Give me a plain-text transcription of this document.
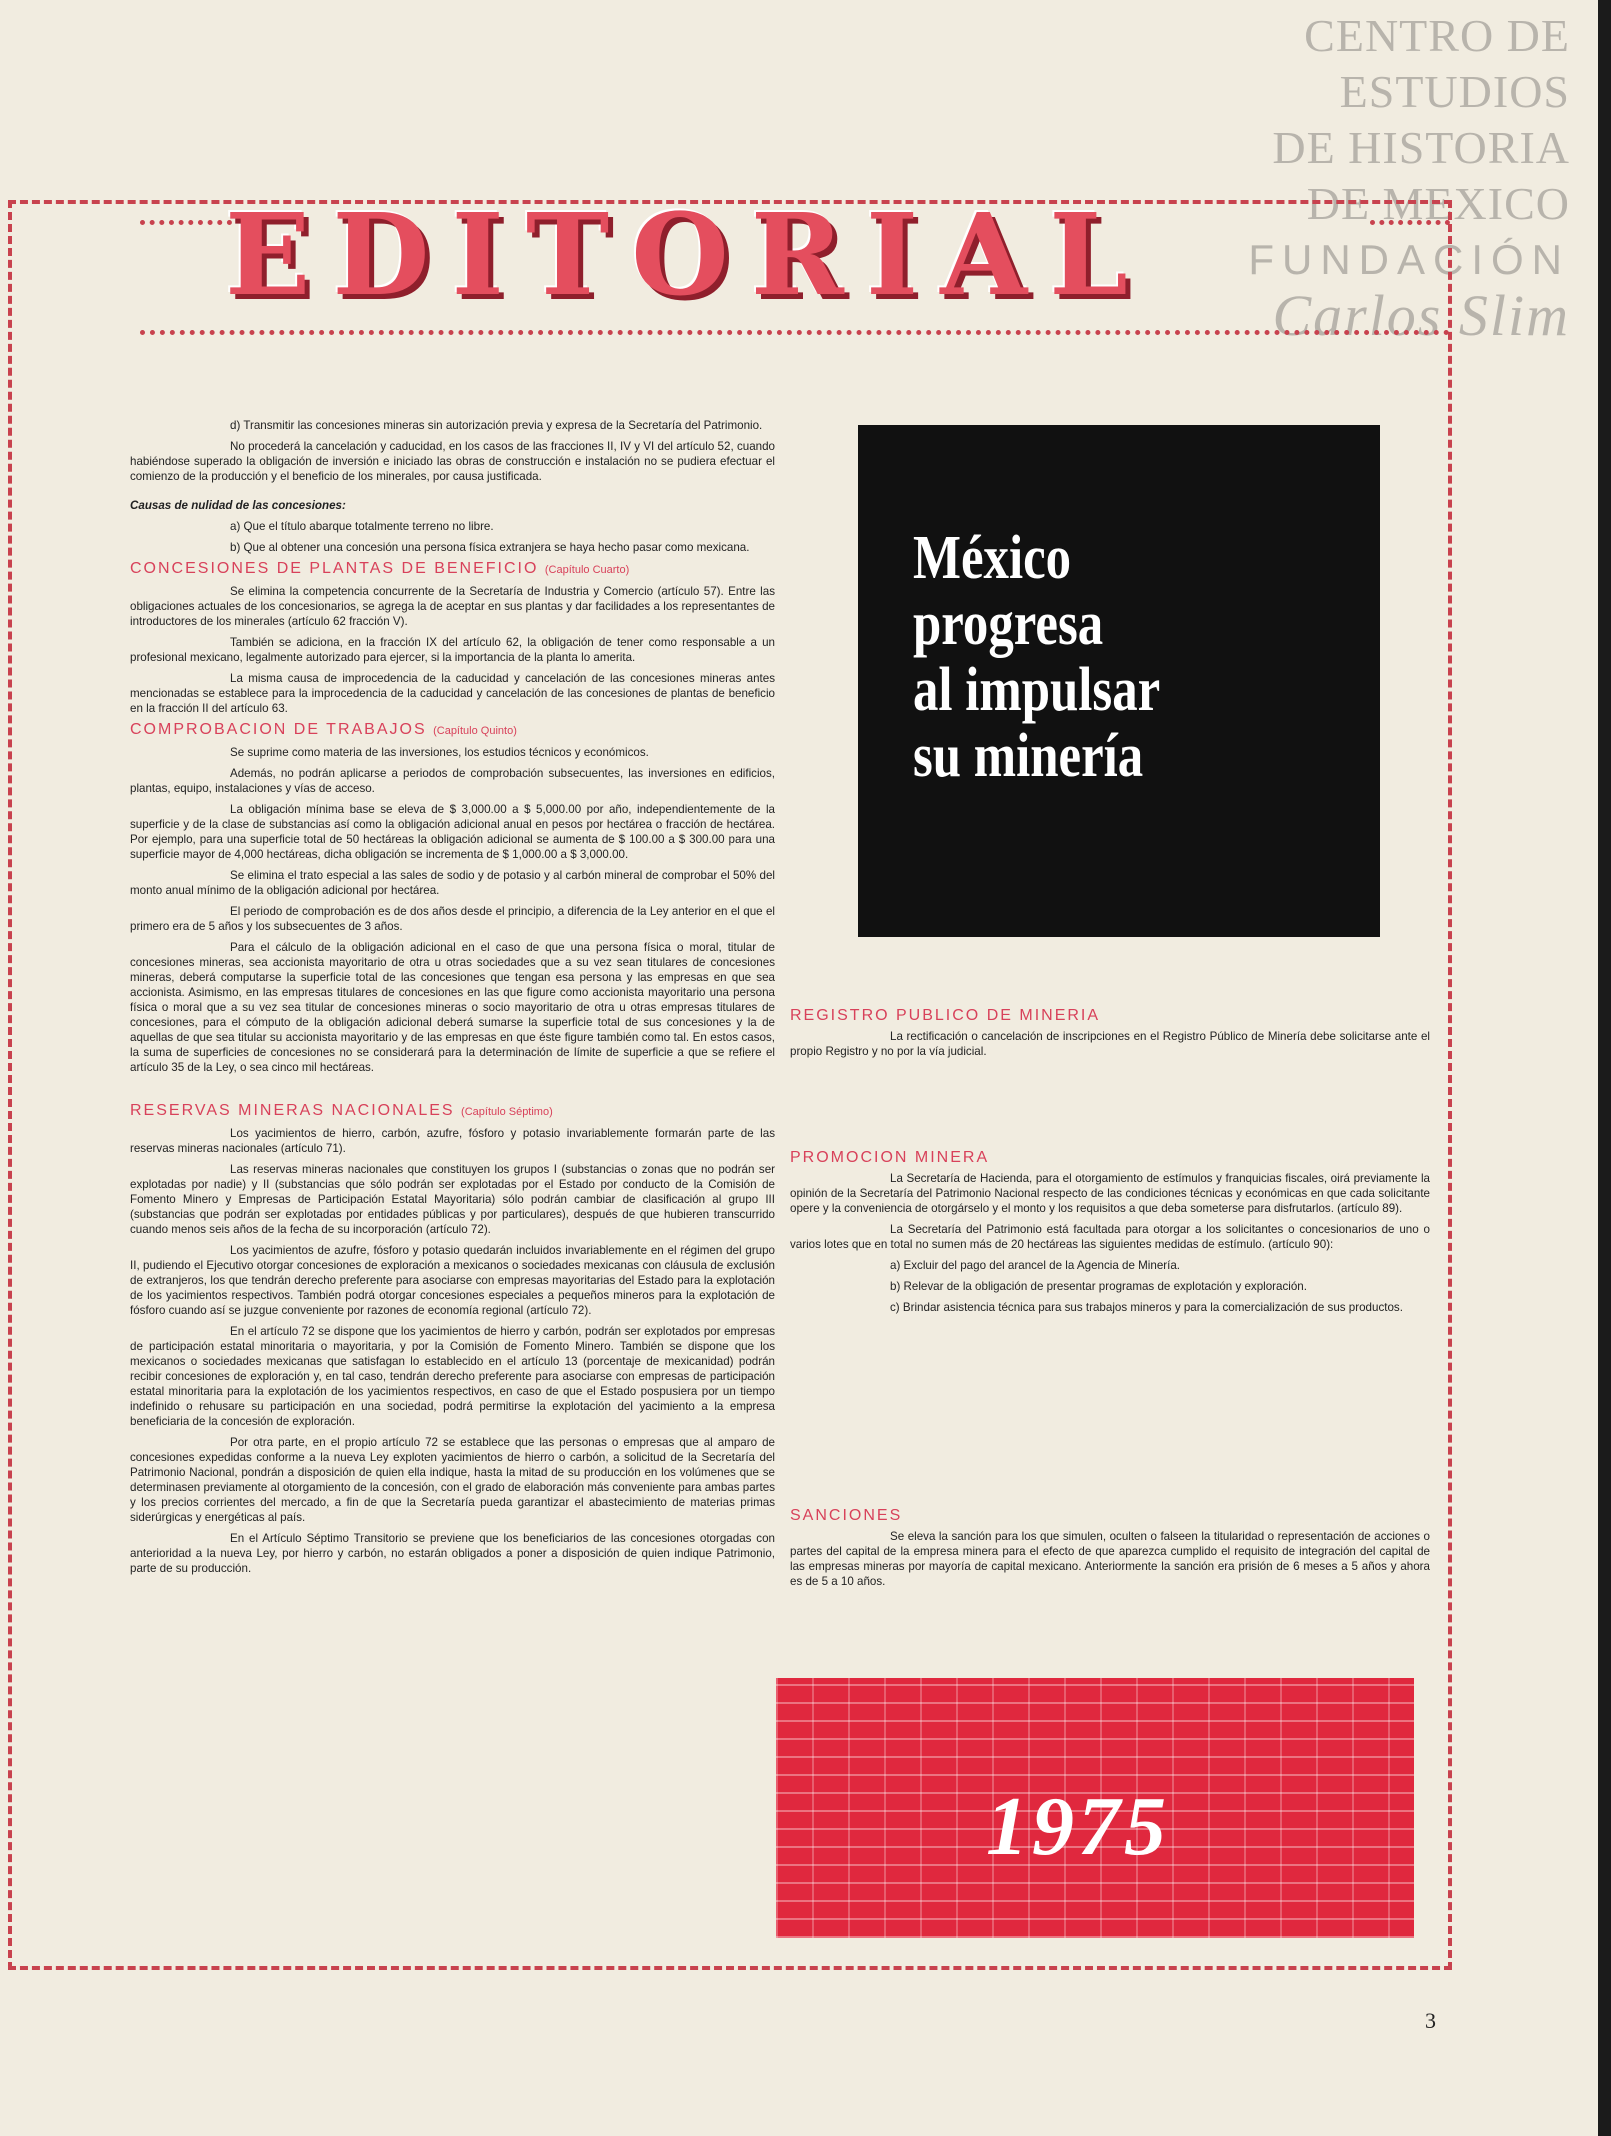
CENTRO DE
ESTUDIOS
DE HISTORIA
DE MEXICO
FUNDACIÓN
Carlos Slim
EDITORIAL

d) Transmitir las concesiones mineras sin autorización previa y expresa de la Secretaría del Patrimonio.

No procederá la cancelación y caducidad, en los casos de las fracciones II, IV y VI del artículo 52, cuando habiéndose superado la obligación de inversión e iniciado las obras de construcción e instalación no se pudiera efectuar el comienzo de la producción y el beneficio de los minerales, por causa justificada.

Causas de nulidad de las concesiones:

a) Que el título abarque totalmente terreno no libre.

b) Que al obtener una concesión una persona física extranjera se haya hecho pasar como mexicana.

CONCESIONES DE PLANTAS DE BENEFICIO (Capítulo Cuarto)

Se elimina la competencia concurrente de la Secretaría de Industria y Comercio (artículo 57). Entre las obligaciones actuales de los concesionarios, se agrega la de aceptar en sus plantas y dar facilidades a los representantes de introductores de los minerales (artículo 62 fracción V).

También se adiciona, en la fracción IX del artículo 62, la obligación de tener como responsable a un profesional mexicano, legalmente autorizado para ejercer, si la importancia de la planta lo amerita.

La misma causa de improcedencia de la caducidad y cancelación de las concesiones mineras antes mencionadas se establece para la improcedencia de la caducidad y cancelación de las concesiones de plantas de beneficio en la fracción II del artículo 63.

COMPROBACION DE TRABAJOS (Capítulo Quinto)

Se suprime como materia de las inversiones, los estudios técnicos y económicos.

Además, no podrán aplicarse a periodos de comprobación subsecuentes, las inversiones en edificios, plantas, equipo, instalaciones y vías de acceso.

La obligación mínima base se eleva de $ 3,000.00 a $ 5,000.00 por año, independientemente de la superficie y de la clase de substancias así como la obligación adicional anual en pesos por hectárea o fracción de hectárea. Por ejemplo, para una superficie total de 50 hectáreas la obligación adicional se aumenta de $ 100.00 a $ 300.00 para una superficie mayor de 4,000 hectáreas, dicha obligación se incrementa de $ 1,000.00 a $ 3,000.00.

Se elimina el trato especial a las sales de sodio y de potasio y al carbón mineral de comprobar el 50% del monto anual mínimo de la obligación adicional por hectárea.

El periodo de comprobación es de dos años desde el principio, a diferencia de la Ley anterior en el que el primero era de 5 años y los subsecuentes de 3 años.

Para el cálculo de la obligación adicional en el caso de que una persona física o moral, titular de concesiones mineras, sea accionista mayoritario de otra u otras sociedades que a su vez sean titulares de concesiones mineras, deberá computarse la superficie total de las concesiones que tengan esa persona y las empresas en que sea accionista. Asimismo, en las empresas titulares de concesiones en las que figure como accionista mayoritario una persona física o moral que a su vez sea titular de concesiones mineras o socio mayoritario de otra u otras empresas titulares de concesiones, para el cómputo de la obligación adicional deberá sumarse la superficie total de sus concesiones y la de aquellas de que sea titular su accionista mayoritario y de las empresas en que éste figure también como tal. En estos casos, la suma de superficies de concesiones no se considerará para la determinación de límite de superficie a que se refiere el artículo 35 de la Ley, o sea cinco mil hectáreas.

RESERVAS MINERAS NACIONALES (Capítulo Séptimo)

Los yacimientos de hierro, carbón, azufre, fósforo y potasio invariablemente formarán parte de las reservas mineras nacionales (artículo 71).

Las reservas mineras nacionales que constituyen los grupos I (substancias o zonas que no podrán ser explotadas por nadie) y II (substancias que sólo podrán ser explotadas por el Estado por conducto de la Comisión de Fomento Minero y Empresas de Participación Estatal Mayoritaria) sólo podrán cambiar de clasificación al grupo III (substancias que podrán ser explotadas por entidades públicas y por particulares), después de que hubieren transcurrido cuando menos seis años de la fecha de su incorporación (artículo 72).

Los yacimientos de azufre, fósforo y potasio quedarán incluidos invariablemente en el régimen del grupo II, pudiendo el Ejecutivo otorgar concesiones de exploración a mexicanos o sociedades mexicanas con cláusula de exclusión de extranjeros, los que tendrán derecho preferente para asociarse con empresas mayoritarias del Estado para la explotación de los yacimientos respectivos. También podrá otorgar concesiones especiales a pequeños mineros para la explotación de fósforo cuando así se juzgue conveniente por razones de economía regional (artículo 72).

En el artículo 72 se dispone que los yacimientos de hierro y carbón, podrán ser explotados por empresas de participación estatal minoritaria o mayoritaria, y por la Comisión de Fomento Minero. También se dispone que los mexicanos o sociedades mexicanas que satisfagan lo establecido en el artículo 13 (porcentaje de mexicanidad) podrán recibir concesiones de exploración y, en tal caso, tendrán derecho preferente para asociarse con empresas de participación estatal minoritaria para la explotación de los yacimientos respectivos, en caso de que el Estado pospusiera por un tiempo indefinido o rehusare su participación en una sociedad, podrá permitirse la explotación del yacimiento a la empresa beneficiaria de la concesión de exploración.

Por otra parte, en el propio artículo 72 se establece que las personas o empresas que al amparo de concesiones expedidas conforme a la nueva Ley exploten yacimientos de hierro o carbón, a solicitud de la Secretaría del Patrimonio Nacional, pondrán a disposición de quien ella indique, hasta la mitad de su producción en los volúmenes que se determinasen previamente al otorgamiento de la concesión, con el grado de elaboración más conveniente para ambas partes y los precios corrientes del mercado, a fin de que la Secretaría pueda garantizar el abastecimiento de materias primas siderúrgicas y energéticas al país.

En el Artículo Séptimo Transitorio se previene que los beneficiarios de las concesiones otorgadas con anterioridad a la nueva Ley, por hierro y carbón, no estarán obligados a poner a disposición de quien indique Patrimonio, parte de su producción.

México
progresa
al impulsar
su minería

REGISTRO PUBLICO DE MINERIA

La rectificación o cancelación de inscripciones en el Registro Público de Minería debe solicitarse ante el propio Registro y no por la vía judicial.

PROMOCION MINERA

La Secretaría de Hacienda, para el otorgamiento de estímulos y franquicias fiscales, oirá previamente la opinión de la Secretaría del Patrimonio Nacional respecto de las condiciones técnicas y económicas en que cada solicitante opere y la conveniencia de otorgárselo y el monto y los requisitos a que deba someterse para disfrutarlos. (artículo 89).

La Secretaría del Patrimonio está facultada para otorgar a los solicitantes o concesionarios de uno o varios lotes que en total no sumen más de 20 hectáreas las siguientes medidas de estímulo. (artículo 90):

a) Excluir del pago del arancel de la Agencia de Minería.

b) Relevar de la obligación de presentar programas de explotación y exploración.

c) Brindar asistencia técnica para sus trabajos mineros y para la comercialización de sus productos.

SANCIONES

Se eleva la sanción para los que simulen, oculten o falseen la titularidad o representación de acciones o partes del capital de la empresa minera para el efecto de que aparezca cumplido el requisito de integración del capital de las empresas mineras por mayoría de capital mexicano. Anteriormente la sanción era prisión de 6 meses a 5 años y ahora es de 5 a 10 años.

1975
3
